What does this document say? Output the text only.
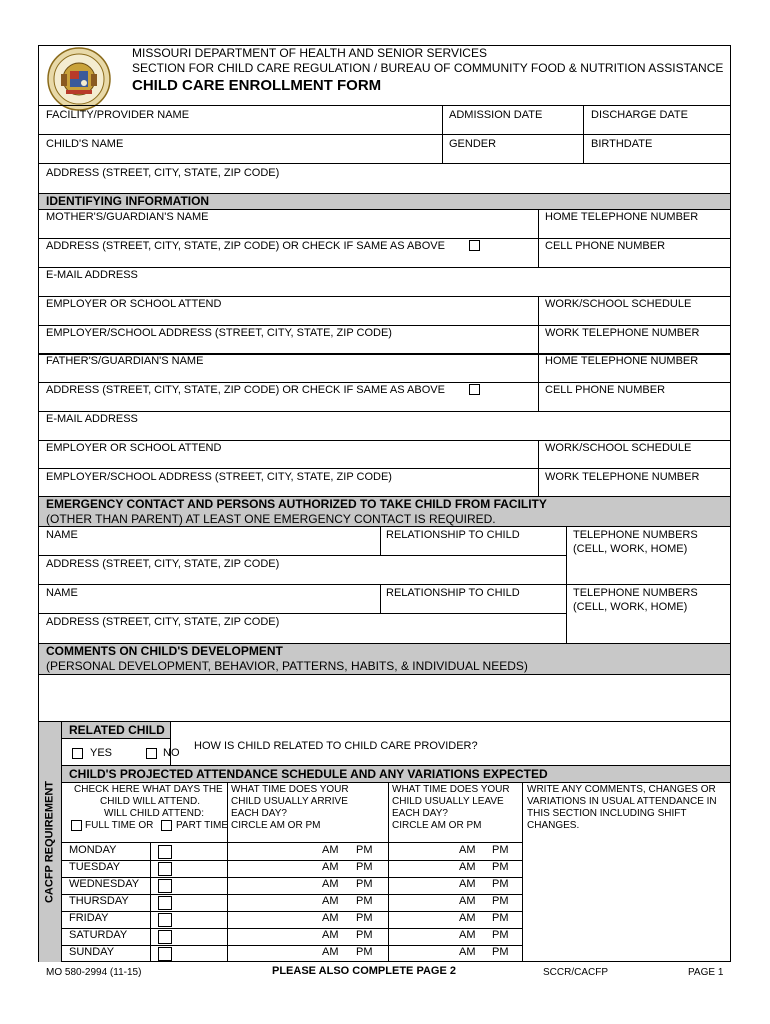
MISSOURI DEPARTMENT OF HEALTH AND SENIOR SERVICES
SECTION FOR CHILD CARE REGULATION / BUREAU OF COMMUNITY FOOD & NUTRITION ASSISTANCE
CHILD CARE ENROLLMENT FORM
FACILITY/PROVIDER NAME	ADMISSION DATE	DISCHARGE DATE
CHILD'S NAME	GENDER	BIRTHDATE
ADDRESS (STREET, CITY, STATE, ZIP CODE)
IDENTIFYING INFORMATION
MOTHER'S/GUARDIAN'S NAME	HOME TELEPHONE NUMBER
ADDRESS (STREET, CITY, STATE, ZIP CODE) OR CHECK IF SAME AS ABOVE	CELL PHONE NUMBER
E-MAIL ADDRESS
EMPLOYER OR SCHOOL ATTEND	WORK/SCHOOL SCHEDULE
EMPLOYER/SCHOOL ADDRESS (STREET, CITY, STATE, ZIP CODE)	WORK TELEPHONE NUMBER
FATHER'S/GUARDIAN'S NAME	HOME TELEPHONE NUMBER
ADDRESS (STREET, CITY, STATE, ZIP CODE) OR CHECK IF SAME AS ABOVE	CELL PHONE NUMBER
E-MAIL ADDRESS
EMPLOYER OR SCHOOL ATTEND	WORK/SCHOOL SCHEDULE
EMPLOYER/SCHOOL ADDRESS (STREET, CITY, STATE, ZIP CODE)	WORK TELEPHONE NUMBER
EMERGENCY CONTACT AND PERSONS AUTHORIZED TO TAKE CHILD FROM FACILITY
(OTHER THAN PARENT) AT LEAST ONE EMERGENCY CONTACT IS REQUIRED.
NAME	RELATIONSHIP TO CHILD	TELEPHONE NUMBERS
(CELL, WORK, HOME)
ADDRESS (STREET, CITY, STATE, ZIP CODE)
NAME	RELATIONSHIP TO CHILD	TELEPHONE NUMBERS
(CELL, WORK, HOME)
ADDRESS (STREET, CITY, STATE, ZIP CODE)
COMMENTS ON CHILD'S DEVELOPMENT
(PERSONAL DEVELOPMENT, BEHAVIOR, PATTERNS, HABITS, & INDIVIDUAL NEEDS)
CACFP REQUIREMENT
RELATED CHILD
YES	NO
HOW IS CHILD RELATED TO CHILD CARE PROVIDER?
CHILD'S PROJECTED ATTENDANCE SCHEDULE AND ANY VARIATIONS EXPECTED
CHECK HERE WHAT DAYS THE
CHILD WILL ATTEND.
WILL CHILD ATTEND:
FULL TIME OR PART TIME
WHAT TIME DOES YOUR
CHILD USUALLY ARRIVE
EACH DAY?
CIRCLE AM OR PM
WHAT TIME DOES YOUR
CHILD USUALLY LEAVE
EACH DAY?
CIRCLE AM OR PM
WRITE ANY COMMENTS, CHANGES OR
VARIATIONS IN USUAL ATTENDANCE IN
THIS SECTION INCLUDING SHIFT
CHANGES.
MONDAY	AM PM	AM PM
TUESDAY	AM PM	AM PM
WEDNESDAY	AM PM	AM PM
THURSDAY	AM PM	AM PM
FRIDAY	AM PM	AM PM
SATURDAY	AM PM	AM PM
SUNDAY	AM PM	AM PM
MO 580-2994 (11-15)	PLEASE ALSO COMPLETE PAGE 2	SCCR/CACFP	PAGE 1
